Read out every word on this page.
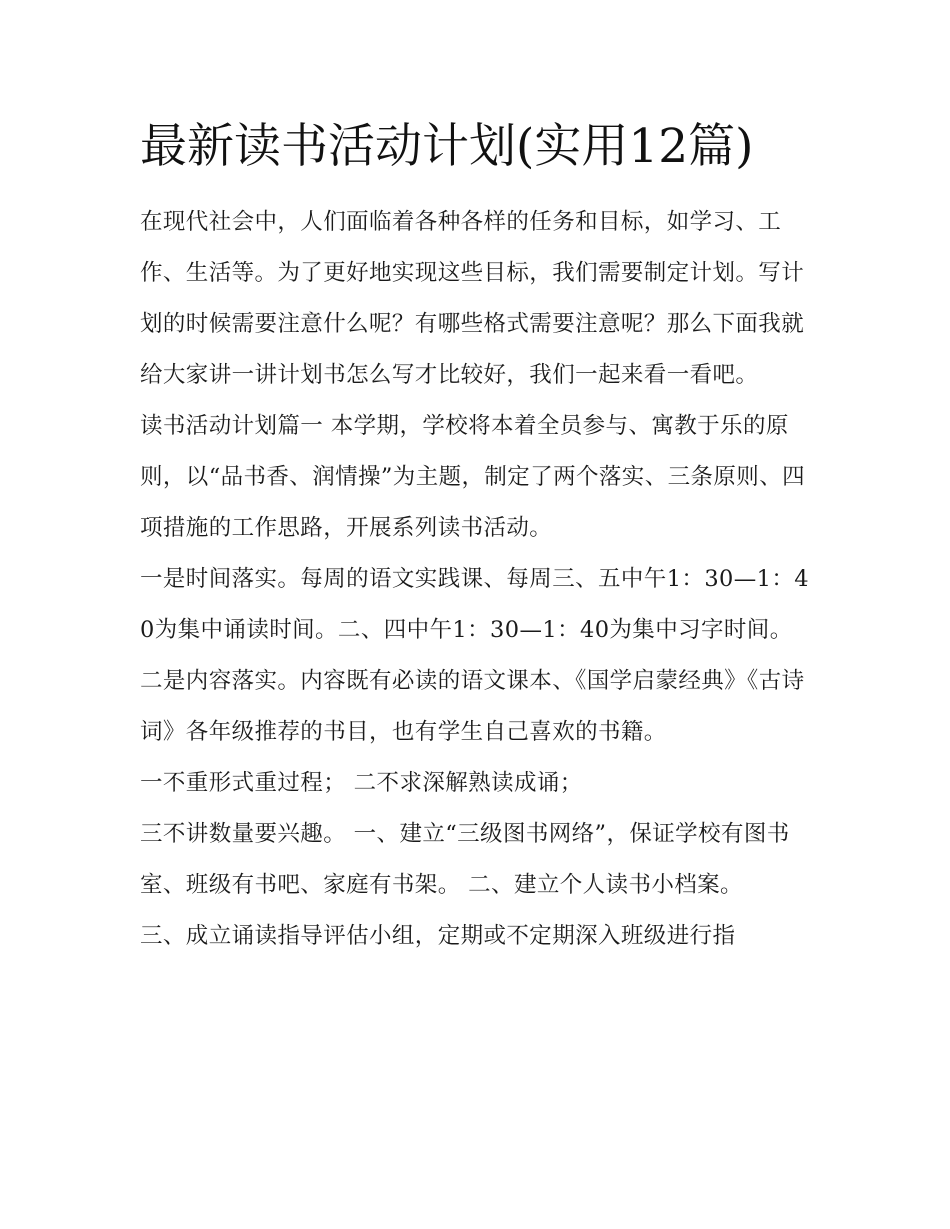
最新读书活动计划(实用12篇)

在现代社会中，人们面临着各种各样的任务和目标，如学习、工作、生活等。为了更好地实现这些目标，我们需要制定计划。写计划的时候需要注意什么呢？有哪些格式需要注意呢？那么下面我就给大家讲一讲计划书怎么写才比较好，我们一起来看一看吧。

读书活动计划篇一 本学期，学校将本着全员参与、寓教于乐的原则，以“品书香、润情操”为主题，制定了两个落实、三条原则、四项措施的工作思路，开展系列读书活动。

一是时间落实。每周的语文实践课、每周三、五中午1：30—1：40为集中诵读时间。二、四中午1：30—1：40为集中习字时间。

二是内容落实。内容既有必读的语文课本、《国学启蒙经典》《古诗词》各年级推荐的书目，也有学生自己喜欢的书籍。

一不重形式重过程； 二不求深解熟读成诵；

三不讲数量要兴趣。 一、建立“三级图书网络”，保证学校有图书室、班级有书吧、家庭有书架。 二、建立个人读书小档案。

三、成立诵读指导评估小组，定期或不定期深入班级进行指
